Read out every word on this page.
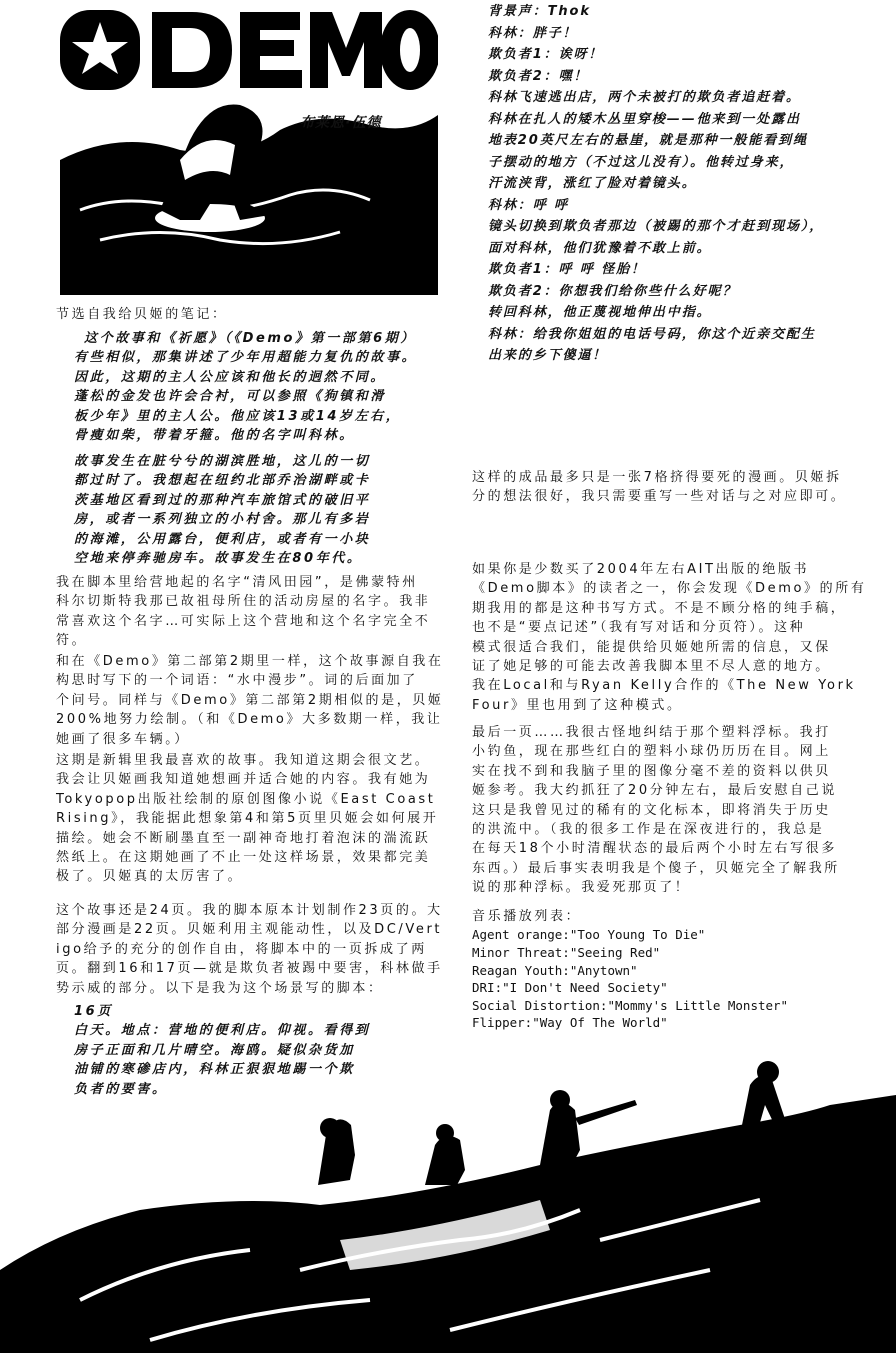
布莱恩·伍德
节选自我给贝姬的笔记：
这个故事和《祈愿》（《Demo》第一部第6期）
有些相似，那集讲述了少年用超能力复仇的故事。
因此，这期的主人公应该和他长的迥然不同。
蓬松的金发也许会合衬，可以参照《狗镇和滑
板少年》里的主人公。他应该13或14岁左右，
骨瘦如柴，带着牙箍。他的名字叫科林。
故事发生在脏兮兮的湖滨胜地，这儿的一切
都过时了。我想起在纽约北部乔治湖畔或卡
茨基地区看到过的那种汽车旅馆式的破旧平
房，或者一系列独立的小村舍。那儿有多岩
的海滩，公用露台，便利店，或者有一小块
空地来停奔驰房车。故事发生在80年代。
我在脚本里给营地起的名字“清风田园”，是佛蒙特州
科尔切斯特我那已故祖母所住的活动房屋的名字。我非
常喜欢这个名字…可实际上这个营地和这个名字完全不
符。
和在《Demo》第二部第2期里一样，这个故事源自我在
构思时写下的一个词语：“水中漫步”。词的后面加了
个问号。同样与《Demo》第二部第2期相似的是，贝姬
200%地努力绘制。（和《Demo》大多数期一样，我让
她画了很多车辆。）
这期是新辑里我最喜欢的故事。我知道这期会很文艺。
我会让贝姬画我知道她想画并适合她的内容。我有她为
Tokyopop出版社绘制的原创图像小说《East Coast
Rising》，我能据此想象第4和第5页里贝姬会如何展开
描绘。她会不断刷墨直至一副神奇地打着泡沫的湍流跃
然纸上。在这期她画了不止一处这样场景，效果都完美
极了。贝姬真的太厉害了。
这个故事还是24页。我的脚本原本计划制作23页的。大
部分漫画是22页。贝姬利用主观能动性，以及DC/Vert
igo给予的充分的创作自由，将脚本中的一页拆成了两
页。翻到16和17页—就是欺负者被踢中要害，科林做手
势示威的部分。以下是我为这个场景写的脚本：
16页
白天。地点：营地的便利店。仰视。看得到
房子正面和几片晴空。海鸥。疑似杂货加
油铺的寒碜店内，科林正狠狠地踢一个欺
负者的要害。
背景声：Thok
科林：胖子！
欺负者1：诶呀！
欺负者2：嘿！
科林飞速逃出店，两个未被打的欺负者追赶着。
科林在扎人的矮木丛里穿梭——他来到一处露出
地表20英尺左右的悬崖，就是那种一般能看到绳
子摆动的地方（不过这儿没有）。他转过身来，
汗流浃背，涨红了脸对着镜头。
科林：呼 呼
镜头切换到欺负者那边（被踢的那个才赶到现场），
面对科林，他们犹豫着不敢上前。
欺负者1：呼 呼 怪胎！
欺负者2：你想我们给你些什么好呢？
转回科林，他正蔑视地伸出中指。
科林：给我你姐姐的电话号码，你这个近亲交配生
出来的乡下傻逼！
这样的成品最多只是一张7格挤得要死的漫画。贝姬拆
分的想法很好，我只需要重写一些对话与之对应即可。
如果你是少数买了2004年左右AIT出版的绝版书
《Demo脚本》的读者之一，你会发现《Demo》的所有
期我用的都是这种书写方式。不是不顾分格的纯手稿，
也不是“要点记述”（我有写对话和分页符）。这种
模式很适合我们，能提供给贝姬她所需的信息，又保
证了她足够的可能去改善我脚本里不尽人意的地方。
我在Local和与Ryan Kelly合作的《The New York
Four》里也用到了这种模式。
最后一页……我很古怪地纠结于那个塑料浮标。我打
小钓鱼，现在那些红白的塑料小球仍历历在目。网上
实在找不到和我脑子里的图像分毫不差的资料以供贝
姬参考。我大约抓狂了20分钟左右，最后安慰自己说
这只是我曾见过的稀有的文化标本，即将消失于历史
的洪流中。（我的很多工作是在深夜进行的，我总是
在每天18个小时清醒状态的最后两个小时左右写很多
东西。）最后事实表明我是个傻子，贝姬完全了解我所
说的那种浮标。我爱死那页了！
音乐播放列表：
Agent orange:"Too Young To Die"
Minor Threat:"Seeing Red"
Reagan Youth:"Anytown"
DRI:"I Don't Need Society"
Social Distortion:"Mommy's Little Monster"
Flipper:"Way Of The World"
